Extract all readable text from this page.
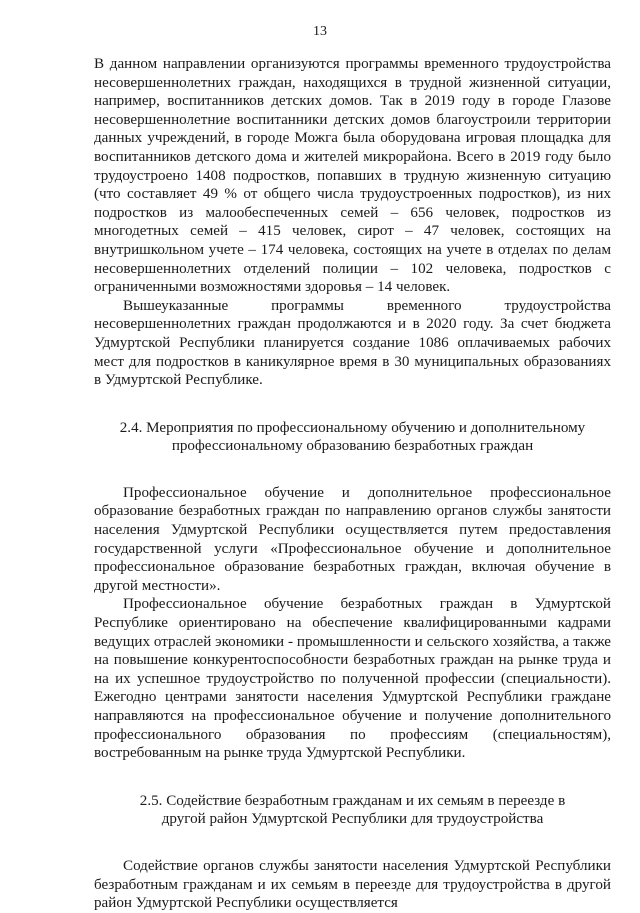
13

В данном направлении организуются программы временного трудоустройства несовершеннолетних граждан, находящихся в трудной жизненной ситуации, например, воспитанников детских домов. Так в 2019 году в городе Глазове несовершеннолетние воспитанники детских домов благоустроили территории данных учреждений, в городе Можга была оборудована игровая площадка для воспитанников детского дома и жителей микрорайона. Всего в 2019 году было трудоустроено 1408 подростков, попавших в трудную жизненную ситуацию (что составляет 49 % от общего числа трудоустроенных подростков), из них подростков из малообеспеченных семей – 656 человек, подростков из многодетных семей – 415 человек, сирот – 47 человек, состоящих на внутришкольном учете – 174 человека, состоящих на учете в отделах по делам несовершеннолетних отделений полиции – 102 человека, подростков с ограниченными возможностями здоровья – 14 человек.

Вышеуказанные программы временного трудоустройства несовершеннолетних граждан продолжаются и в 2020 году. За счет бюджета Удмуртской Республики планируется создание 1086 оплачиваемых рабочих мест для подростков в каникулярное время в 30 муниципальных образованиях в Удмуртской Республике.

2.4. Мероприятия по профессиональному обучению и дополнительному профессиональному образованию безработных граждан

Профессиональное обучение и дополнительное профессиональное образование безработных граждан по направлению органов службы занятости населения Удмуртской Республики осуществляется путем предоставления государственной услуги «Профессиональное обучение и дополнительное профессиональное образование безработных граждан, включая обучение в другой местности».

Профессиональное обучение безработных граждан в Удмуртской Республике ориентировано на обеспечение квалифицированными кадрами ведущих отраслей экономики - промышленности и сельского хозяйства, а также на повышение конкурентоспособности безработных граждан на рынке труда и на их успешное трудоустройство по полученной профессии (специальности). Ежегодно центрами занятости населения Удмуртской Республики граждане направляются на профессиональное обучение и получение дополнительного профессионального образования по профессиям (специальностям), востребованным на рынке труда Удмуртской Республики.

2.5. Содействие безработным гражданам и их семьям в переезде в другой район Удмуртской Республики для трудоустройства

Содействие органов службы занятости населения Удмуртской Республики безработным гражданам и их семьям в переезде для трудоустройства в другой район Удмуртской Республики осуществляется
